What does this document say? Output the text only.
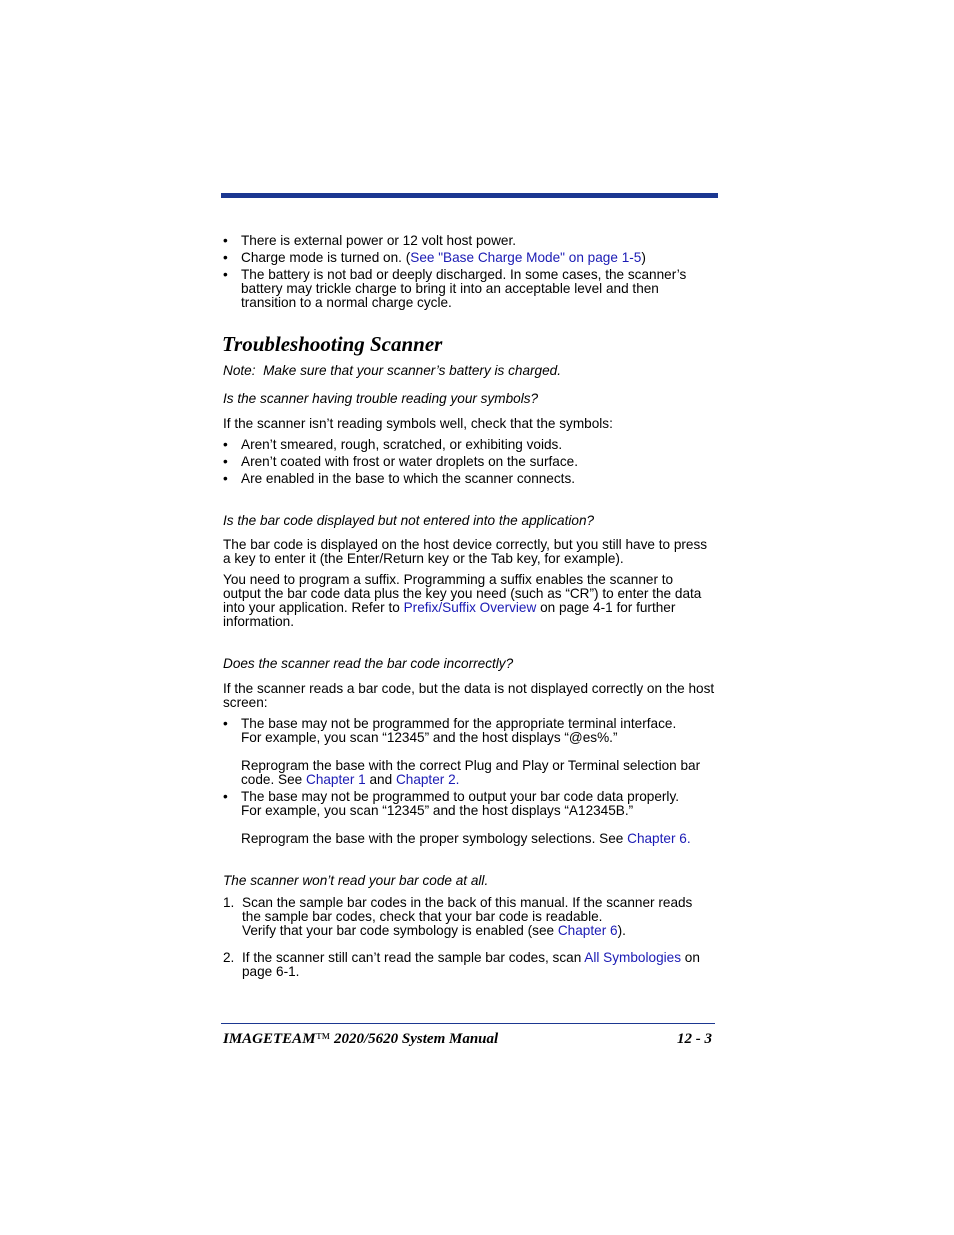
• There is external power or 12 volt host power.
• Charge mode is turned on. (See "Base Charge Mode" on page 1-5)
• The battery is not bad or deeply discharged. In some cases, the scanner’s
battery may trickle charge to bring it into an acceptable level and then
transition to a normal charge cycle.
Troubleshooting Scanner
Note: Make sure that your scanner’s battery is charged.
Is the scanner having trouble reading your symbols?
If the scanner isn’t reading symbols well, check that the symbols:
• Aren’t smeared, rough, scratched, or exhibiting voids.
• Aren’t coated with frost or water droplets on the surface.
• Are enabled in the base to which the scanner connects.
Is the bar code displayed but not entered into the application?
The bar code is displayed on the host device correctly, but you still have to press
a key to enter it (the Enter/Return key or the Tab key, for example).
You need to program a suffix. Programming a suffix enables the scanner to
output the bar code data plus the key you need (such as “CR”) to enter the data
into your application. Refer to Prefix/Suffix Overview on page 4-1 for further
information.
Does the scanner read the bar code incorrectly?
If the scanner reads a bar code, but the data is not displayed correctly on the host
screen:
• The base may not be programmed for the appropriate terminal interface.
For example, you scan “12345” and the host displays “@es%.”
Reprogram the base with the correct Plug and Play or Terminal selection bar
code. See Chapter 1 and Chapter 2.
• The base may not be programmed to output your bar code data properly.
For example, you scan “12345” and the host displays “A12345B.”
Reprogram the base with the proper symbology selections. See Chapter 6.
The scanner won’t read your bar code at all.
1. Scan the sample bar codes in the back of this manual. If the scanner reads
the sample bar codes, check that your bar code is readable.
Verify that your bar code symbology is enabled (see Chapter 6).
2. If the scanner still can’t read the sample bar codes, scan All Symbologies on
page 6-1.
IMAGETEAM™ 2020/5620 System Manual	12 - 3
